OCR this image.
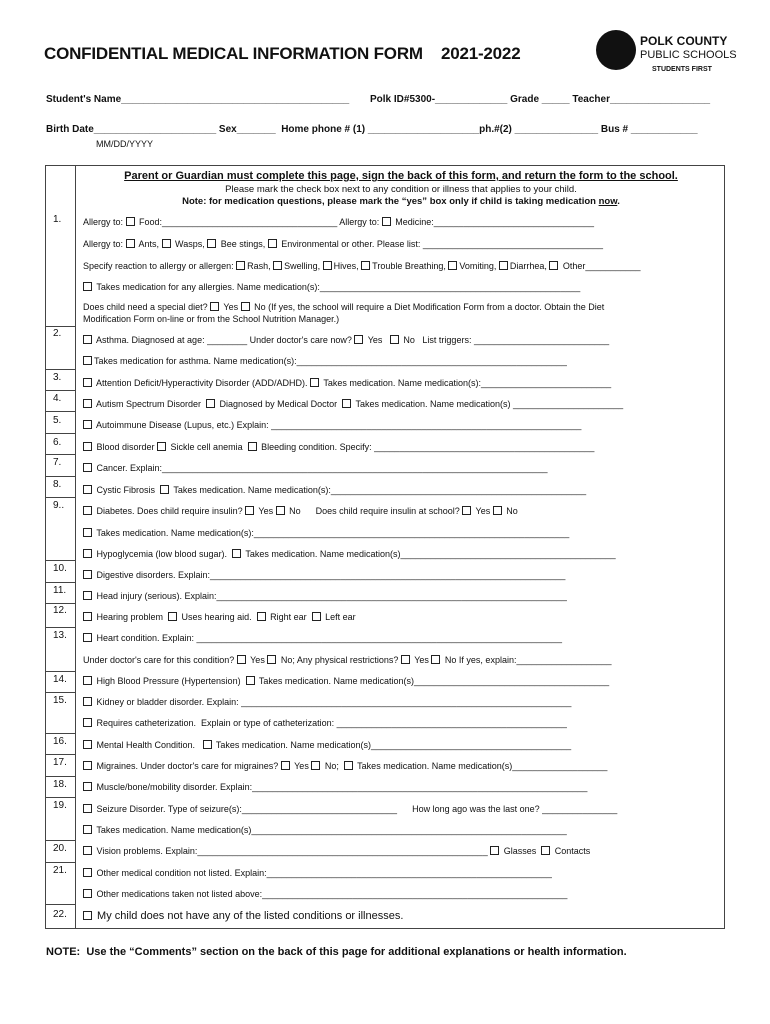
CONFIDENTIAL MEDICAL INFORMATION FORM    2021-2022
POLK COUNTY
PUBLIC SCHOOLS
STUDENTS FIRST
Student's Name_________________________________________ Polk ID#5300-_____________ Grade _____ Teacher__________________
Birth Date______________________ Sex_______  Home phone # (1) ____________________ph.#(2) _______________ Bus # ____________
MM/DD/YYYY
Parent or Guardian must complete this page, sign the back of this form, and return the form to the school.
Please mark the check box next to any condition or illness that applies to your child.
Note: for medication questions, please mark the “yes” box only if child is taking medication now.
Allergy to:  Food:___________________________________ Allergy to:  Medicine:________________________________
Allergy to:  Ants,  Wasps,  Bee stings,  Environmental or other. Please list: ____________________________________
Specify reaction to allergy or allergen: Rash, Swelling, Hives, Trouble Breathing, Vomiting, Diarrhea,  Other___________
Takes medication for any allergies. Name medication(s):____________________________________________________
Does child need a special diet?  Yes  No (If yes, the school will require a Diet Modification Form from a doctor. Obtain the Diet
Modification Form on-line or from the School Nutrition Manager.)
Asthma. Diagnosed at age: ________ Under doctor's care now?  Yes    No   List triggers: ___________________________
Takes medication for asthma. Name medication(s):______________________________________________________
Attention Deficit/Hyperactivity Disorder (ADD/ADHD).  Takes medication. Name medication(s):__________________________
Autism Spectrum Disorder   Diagnosed by Medical Doctor   Takes medication. Name medication(s) ______________________
Autoimmune Disease (Lupus, etc.) Explain: ______________________________________________________________
Blood disorder  Sickle cell anemia   Bleeding condition. Specify: ____________________________________________
Cancer. Explain:_____________________________________________________________________________
Cystic Fibrosis   Takes medication. Name medication(s):___________________________________________________
Diabetes. Does child require insulin?  Yes  No      Does child require insulin at school?  Yes  No
Takes medication. Name medication(s):_______________________________________________________________
Hypoglycemia (low blood sugar).   Takes medication. Name medication(s)___________________________________________
Digestive disorders. Explain:_______________________________________________________________________
Head injury (serious). Explain:______________________________________________________________________
Hearing problem   Uses hearing aid.   Right ear   Left ear
Heart condition. Explain: _________________________________________________________________________
Under doctor's care for this condition?  Yes  No; Any physical restrictions?  Yes  No If yes, explain:___________________
High Blood Pressure (Hypertension)   Takes medication. Name medication(s)_______________________________________
Kidney or bladder disorder. Explain: __________________________________________________________________
Requires catheterization.  Explain or type of catheterization: ______________________________________________
Mental Health Condition.    Takes medication. Name medication(s)________________________________________
Migraines. Under doctor's care for migraines?  Yes  No;   Takes medication. Name medication(s)___________________
Muscle/bone/mobility disorder. Explain:___________________________________________________________________
Seizure Disorder. Type of seizure(s):_______________________________      How long ago was the last one? _______________
Takes medication. Name medication(s)_______________________________________________________________
Vision problems. Explain:__________________________________________________________  Glasses   Contacts
Other medical condition not listed. Explain:_________________________________________________________
Other medications taken not listed above:_____________________________________________________________
My child does not have any of the listed conditions or illnesses.
1.
2.
3.
4.
5.
6.
7.
8.
9..
10.
11.
12.
13.
14.
15.
16.
17.
18.
19.
20.
21.
22.
NOTE:  Use the “Comments” section on the back of this page for additional explanations or health information.
